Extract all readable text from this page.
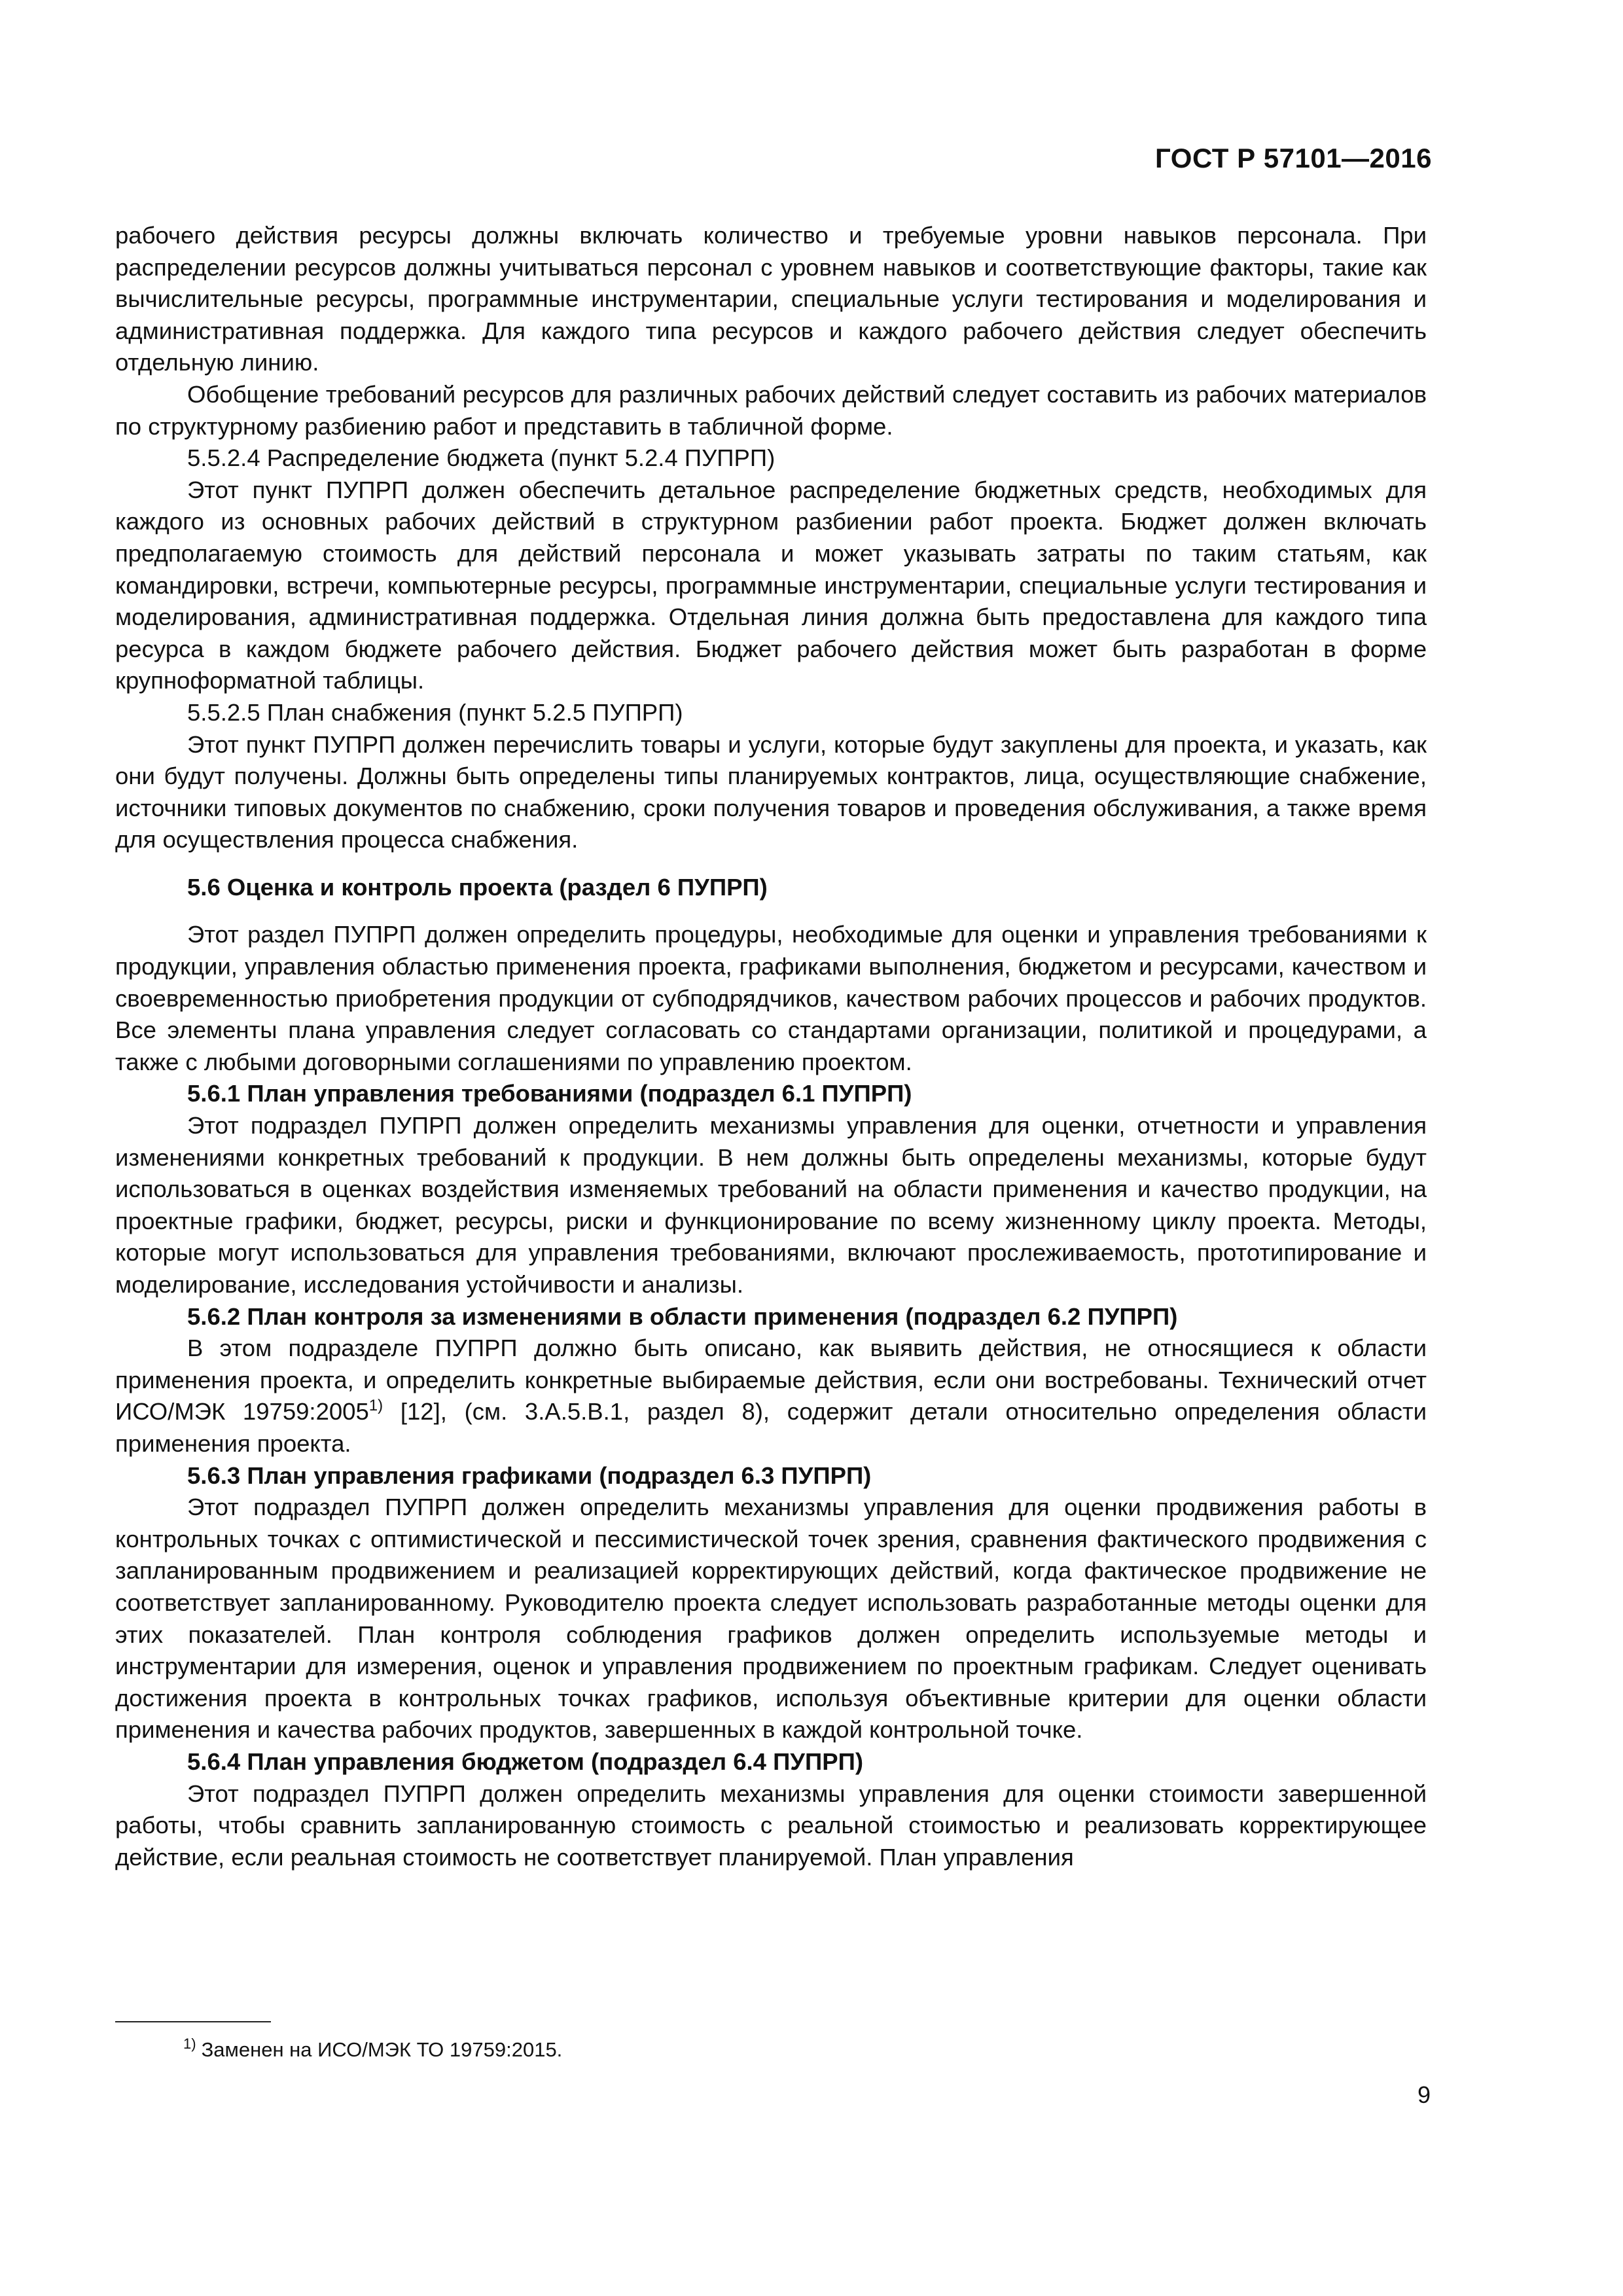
ГОСТ Р 57101—2016

рабочего действия ресурсы должны включать количество и требуемые уровни навыков персонала. При распределении ресурсов должны учитываться персонал с уровнем навыков и соответствующие факторы, такие как вычислительные ресурсы, программные инструментарии, специальные услуги тестирования и моделирования и административная поддержка. Для каждого типа ресурсов и каждого рабочего действия следует обеспечить отдельную линию.

Обобщение требований ресурсов для различных рабочих действий следует составить из рабочих материалов по структурному разбиению работ и представить в табличной форме.

5.5.2.4 Распределение бюджета (пункт 5.2.4 ПУПРП)

Этот пункт ПУПРП должен обеспечить детальное распределение бюджетных средств, необходимых для каждого из основных рабочих действий в структурном разбиении работ проекта. Бюджет должен включать предполагаемую стоимость для действий персонала и может указывать затраты по таким статьям, как командировки, встречи, компьютерные ресурсы, программные инструментарии, специальные услуги тестирования и моделирования, административная поддержка. Отдельная линия должна быть предоставлена для каждого типа ресурса в каждом бюджете рабочего действия. Бюджет рабочего действия может быть разработан в форме крупноформатной таблицы.

5.5.2.5 План снабжения (пункт 5.2.5 ПУПРП)

Этот пункт ПУПРП должен перечислить товары и услуги, которые будут закуплены для проекта, и указать, как они будут получены. Должны быть определены типы планируемых контрактов, лица, осуществляющие снабжение, источники типовых документов по снабжению, сроки получения товаров и проведения обслуживания, а также время для осуществления процесса снабжения.

5.6 Оценка и контроль проекта (раздел 6 ПУПРП)

Этот раздел ПУПРП должен определить процедуры, необходимые для оценки и управления требованиями к продукции, управления областью применения проекта, графиками выполнения, бюджетом и ресурсами, качеством и своевременностью приобретения продукции от субподрядчиков, качеством рабочих процессов и рабочих продуктов. Все элементы плана управления следует согласовать со стандартами организации, политикой и процедурами, а также с любыми договорными соглашениями по управлению проектом.

5.6.1 План управления требованиями (подраздел 6.1 ПУПРП)

Этот подраздел ПУПРП должен определить механизмы управления для оценки, отчетности и управления изменениями конкретных требований к продукции. В нем должны быть определены механизмы, которые будут использоваться в оценках воздействия изменяемых требований на области применения и качество продукции, на проектные графики, бюджет, ресурсы, риски и функционирование по всему жизненному циклу проекта. Методы, которые могут использоваться для управления требованиями, включают прослеживаемость, прототипирование и моделирование, исследования устойчивости и анализы.

5.6.2 План контроля за изменениями в области применения (подраздел 6.2 ПУПРП)

В этом подразделе ПУПРП должно быть описано, как выявить действия, не относящиеся к области применения проекта, и определить конкретные выбираемые действия, если они востребованы. Технический отчет ИСО/МЭК 19759:2005$^{1)}$ [12], (см. 3.А.5.В.1, раздел 8), содержит детали относительно определения области применения проекта.

5.6.3 План управления графиками (подраздел 6.3 ПУПРП)

Этот подраздел ПУПРП должен определить механизмы управления для оценки продвижения работы в контрольных точках с оптимистической и пессимистической точек зрения, сравнения фактического продвижения с запланированным продвижением и реализацией корректирующих действий, когда фактическое продвижение не соответствует запланированному. Руководителю проекта следует использовать разработанные методы оценки для этих показателей. План контроля соблюдения графиков должен определить используемые методы и инструментарии для измерения, оценок и управления продвижением по проектным графикам. Следует оценивать достижения проекта в контрольных точках графиков, используя объективные критерии для оценки области применения и качества рабочих продуктов, завершенных в каждой контрольной точке.

5.6.4 План управления бюджетом (подраздел 6.4 ПУПРП)

Этот подраздел ПУПРП должен определить механизмы управления для оценки стоимости завершенной работы, чтобы сравнить запланированную стоимость с реальной стоимостью и реализовать корректирующее действие, если реальная стоимость не соответствует планируемой. План управления

$^{1)}$ Заменен на ИСО/МЭК ТО 19759:2015.
9
